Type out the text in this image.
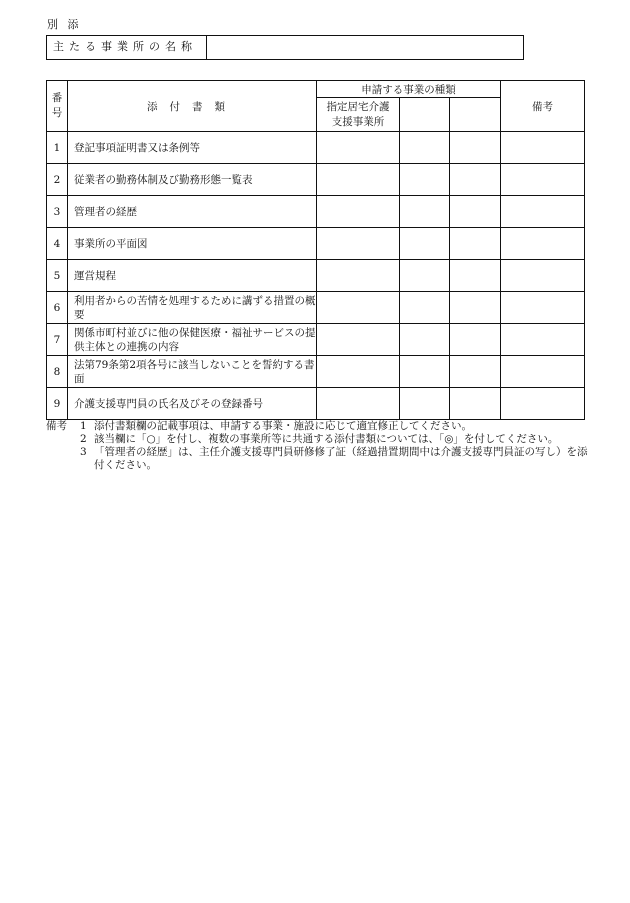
別 添
主たる事業所の名称
番号	添付書類	申請する事業の種類			備考
		指定居宅介護
支援事業所			
1	登記事項証明書又は条例等				
2	従業者の勤務体制及び勤務形態一覧表				
3	管理者の経歴				
4	事業所の平面図				
5	運営規程				
6	利用者からの苦情を処理するために講ずる措置の概要				
7	関係市町村並びに他の保健医療・福祉サービスの提供主体との連携の内容				
8	法第79条第2項各号に該当しないことを誓約する書面				
9	介護支援専門員の氏名及びその登録番号				
備考	1 添付書類欄の記載事項は、申請する事業・施設に応じて適宜修正してください。
2 該当欄に「○」を付し、複数の事業所等に共通する添付書類については、「◎」を付してください。
3 「管理者の経歴」は、主任介護支援専門員研修修了証（経過措置期間中は介護支援専門員証の写し）を添付ください。
